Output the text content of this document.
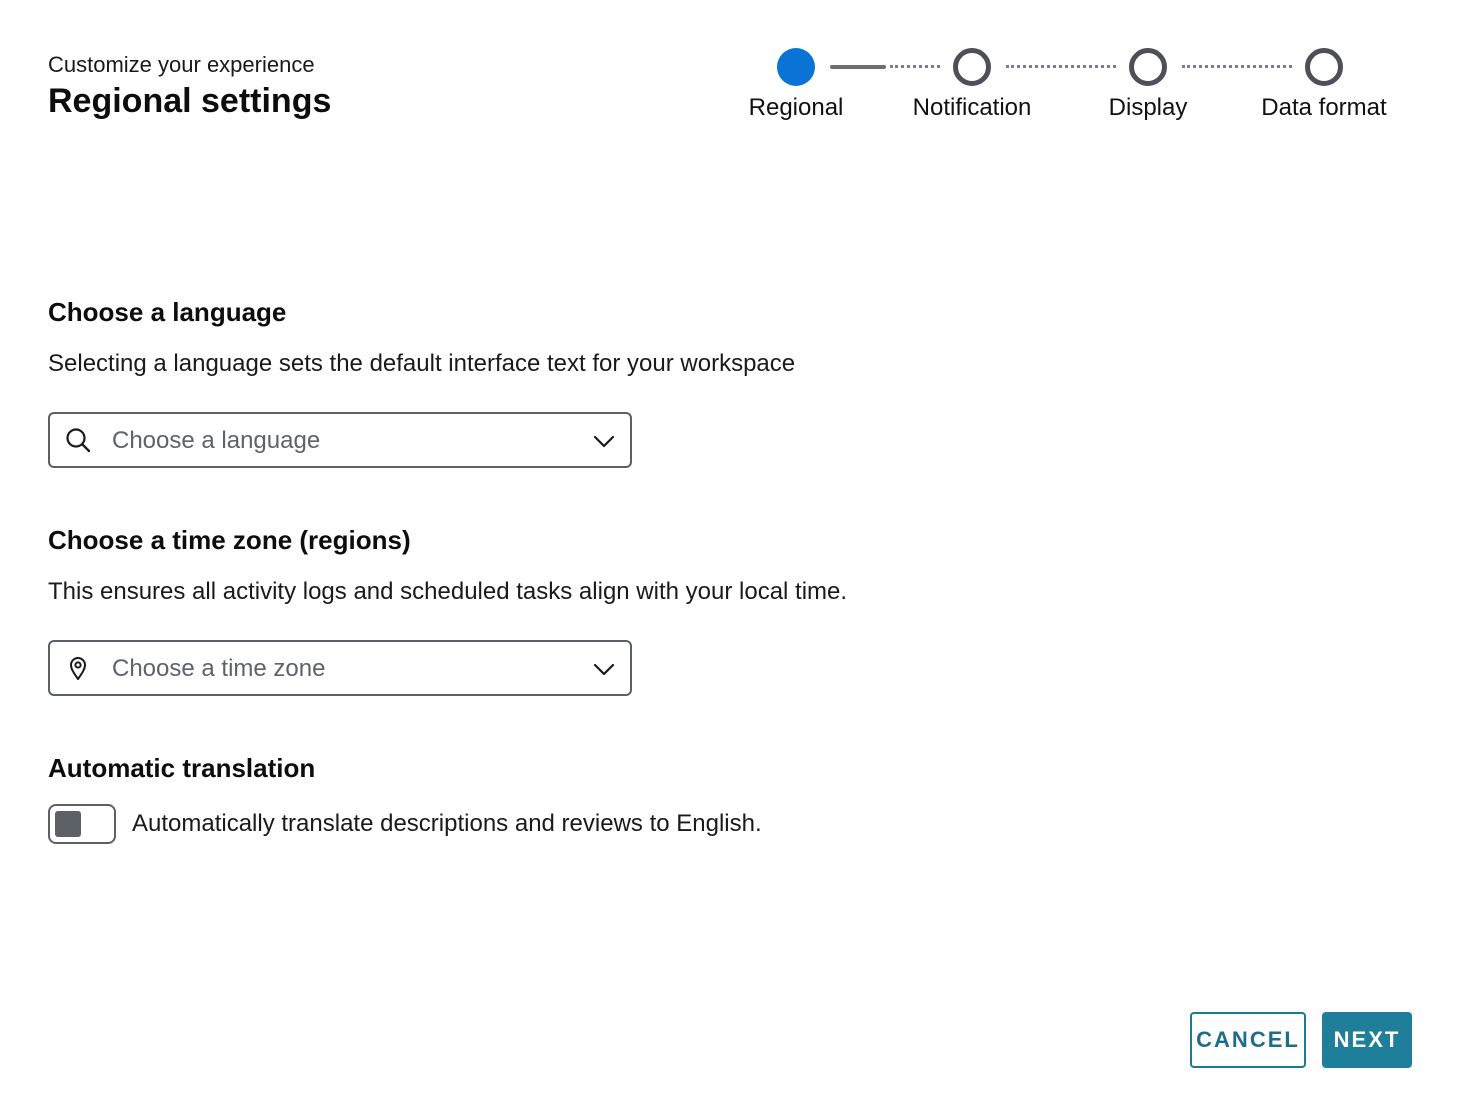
Customize your experience
Regional settings	Regional	Notification	Display	Data format
Choose a language

Selecting a language sets the default interface text for your workspace

Choose a language
Choose a time zone (regions)

This ensures all activity logs and scheduled tasks align with your local time.

Choose a time zone
Automatic translation
Automatically translate descriptions and reviews to English.
CANCEL	NEXT
